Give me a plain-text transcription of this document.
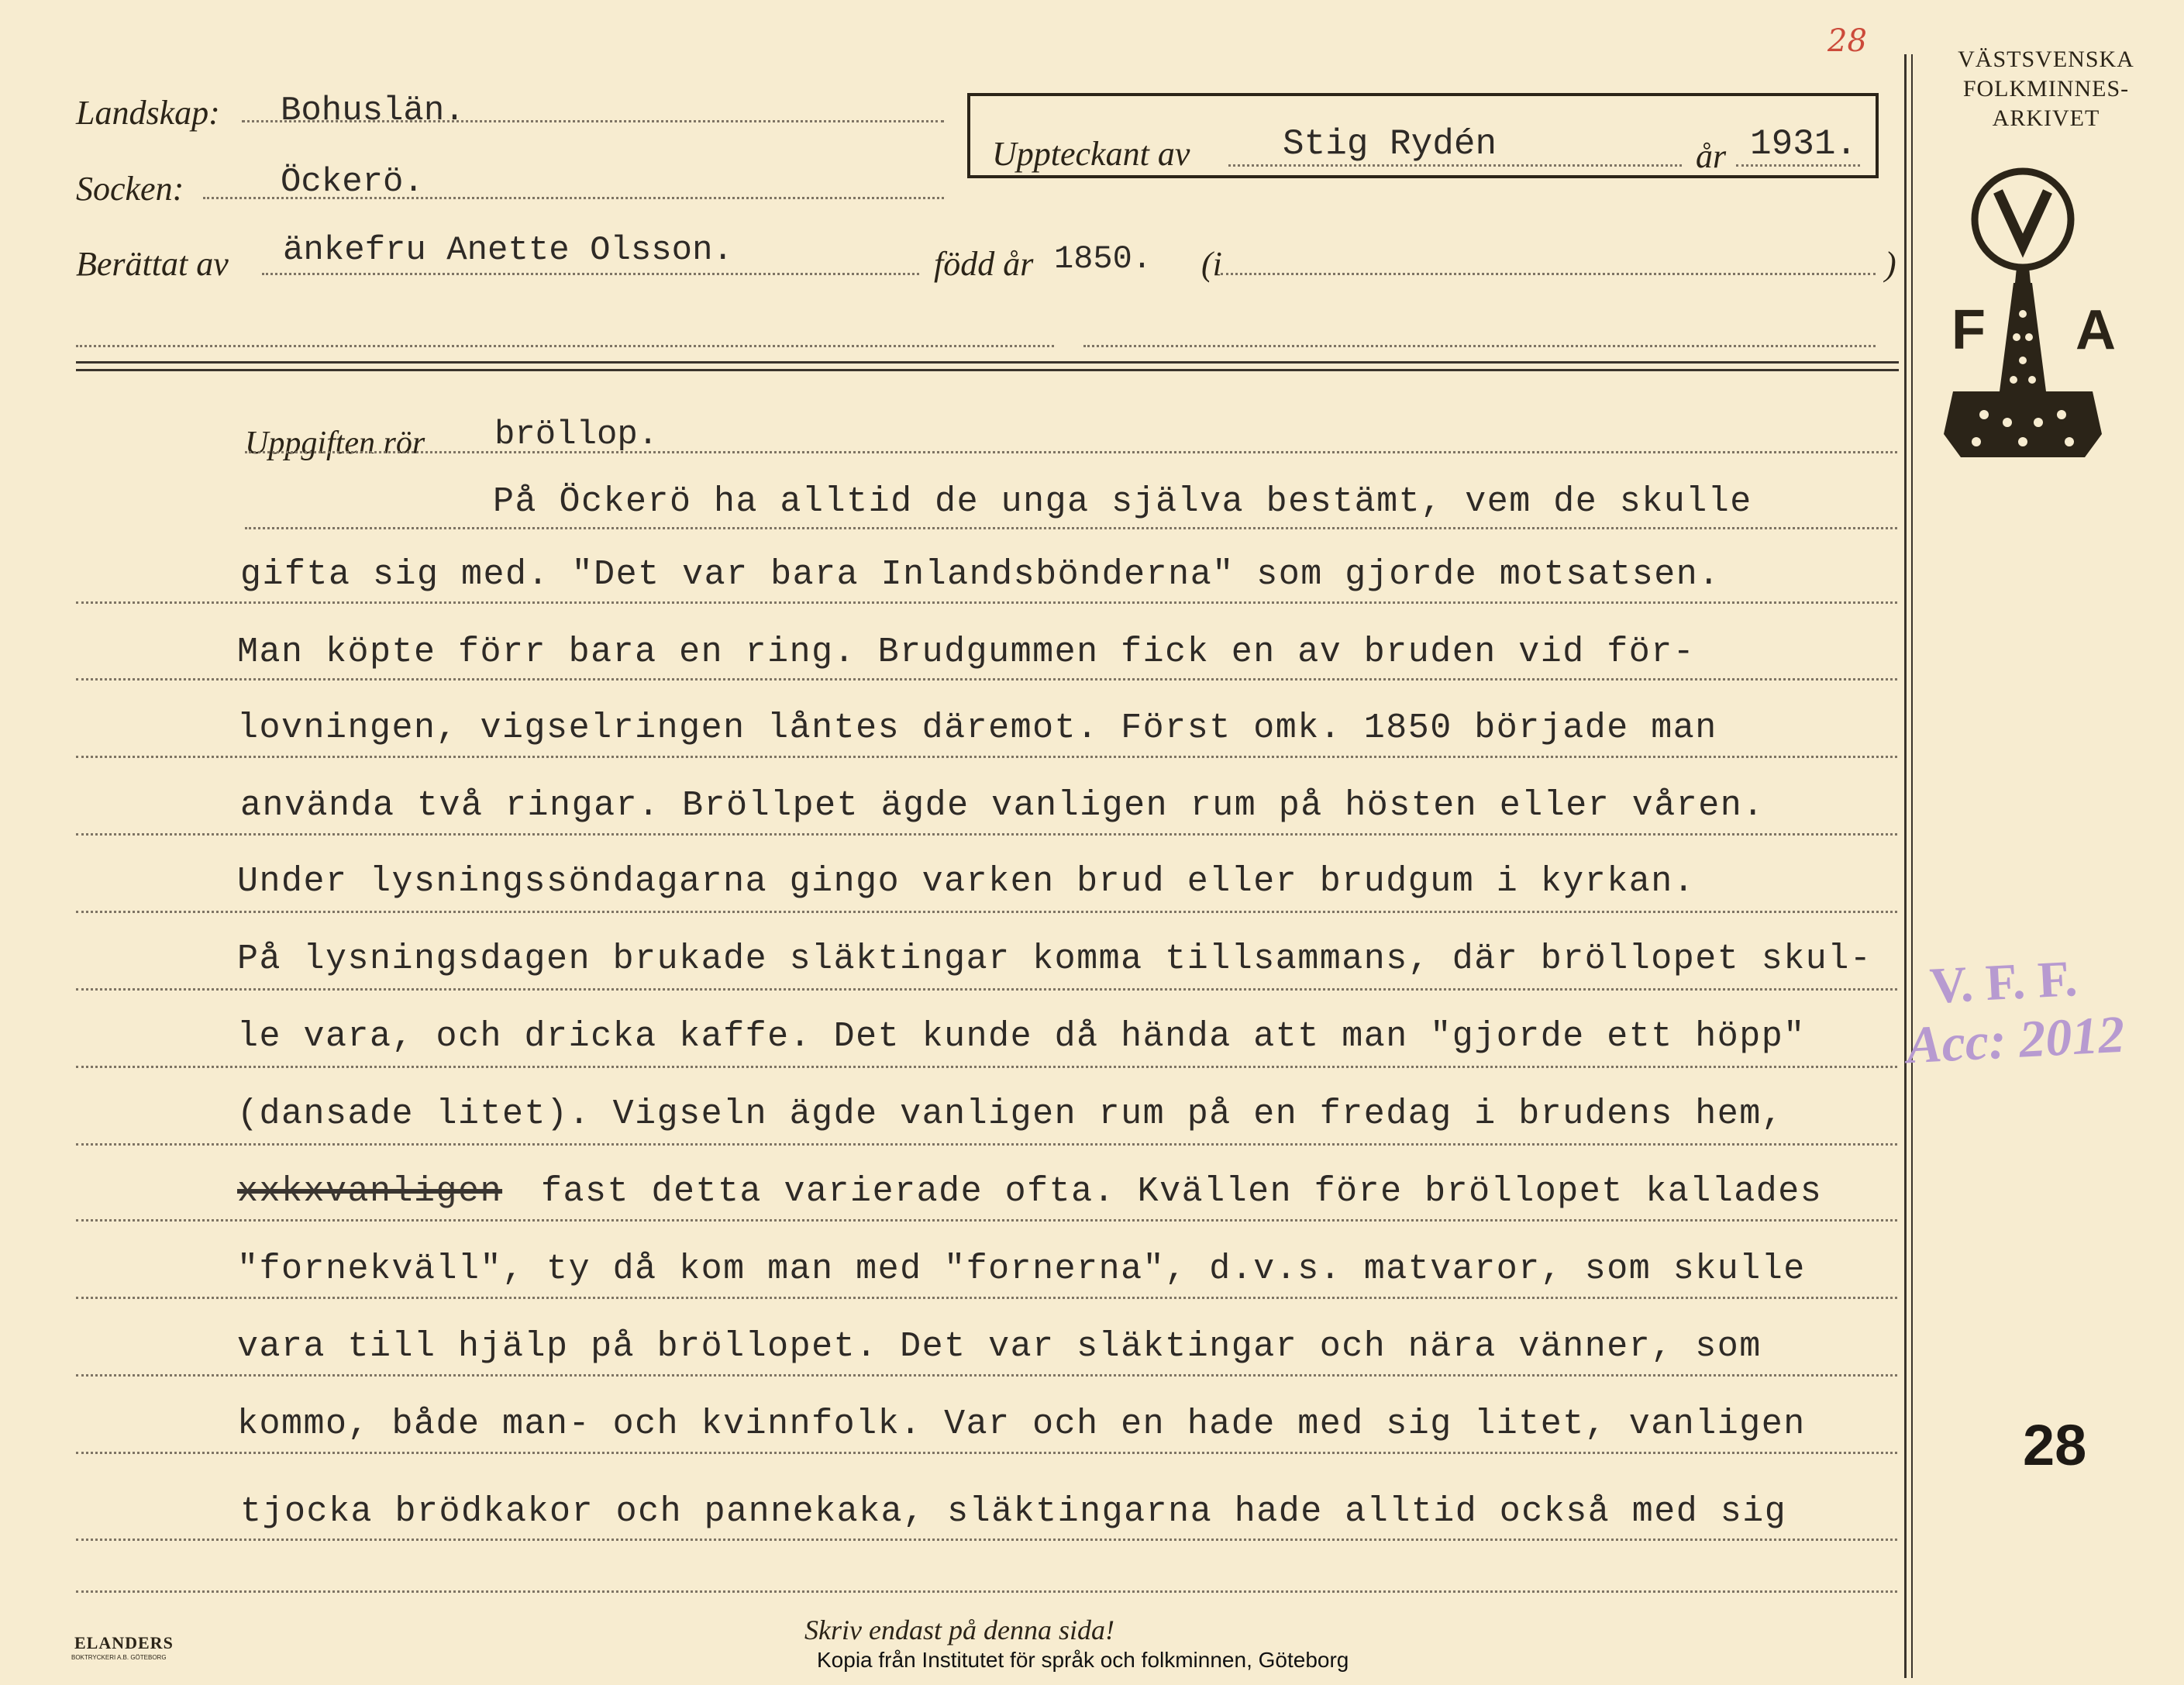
28
VÄSTSVENSKA
FOLKMINNES-
ARKIVET
F A
Landskap: Bohuslän.
Socken:	Öckerö.
Berättat av änkefru Anette Olsson.	född år 1850. (i	)
Uppteckant av	Stig Rydén	år 1931.
Uppgiften rör bröllop.
På Öckerö ha alltid de unga själva bestämt, vem de skulle
gifta sig med. "Det var bara Inlandsbönderna" som gjorde motsatsen.
Man köpte förr bara en ring. Brudgummen fick en av bruden vid för-
lovningen, vigselringen låntes däremot. Först omk. 1850 började man
använda två ringar. Bröllpet ägde vanligen rum på hösten eller våren.
Under lysningssöndagarna gingo varken brud eller brudgum i kyrkan.
På lysningsdagen brukade släktingar komma tillsammans, där bröllopet skul-
le vara, och dricka kaffe. Det kunde då hända att man "gjorde ett höpp"
(dansade litet). Vigseln ägde vanligen rum på en fredag i brudens hem,
xxkxvanligen fast detta varierade ofta. Kvällen före bröllopet kallades
"fornekväll", ty då kom man med "fornerna", d.v.s. matvaror, som skulle
vara till hjälp på bröllopet. Det var släktingar och nära vänner, som
kommo, både man- och kvinnfolk. Var och en hade med sig litet, vanligen
tjocka brödkakor och pannekaka, släktingarna hade alltid också med sig
V. F. F.
Acc: 2012
28
Skriv endast på denna sida!
ELANDERS
BOKTRYCKERI A.B. GÖTEBORG	Kopia från Institutet för språk och folkminnen, Göteborg
